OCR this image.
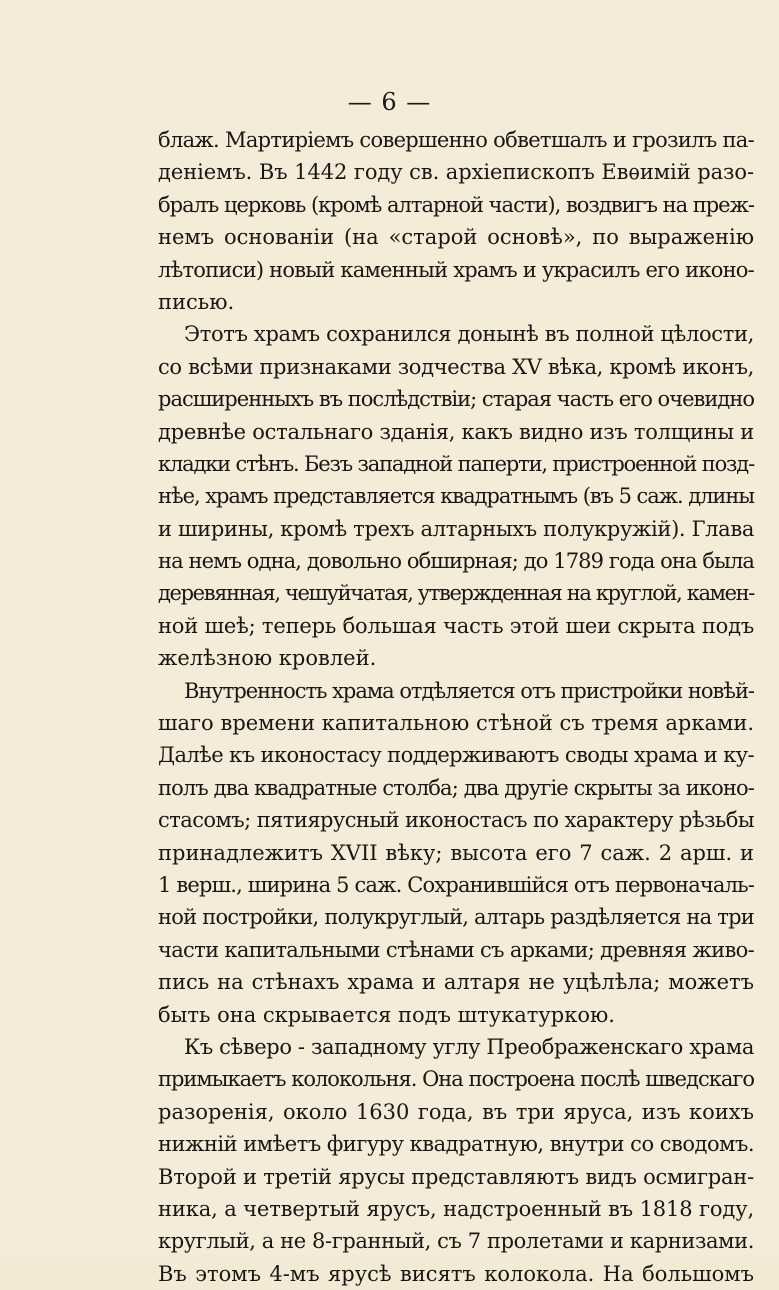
— 6 —
блаж. Мартиріемъ совершенно обветшалъ и грозилъ па-
деніемъ. Въ 1442 году св. архіепископъ Евѳимій разо-
бралъ церковь (кромѣ алтарной части), воздвигъ на преж-
немъ основаніи (на «старой основѣ», по выраженію
лѣтописи) новый каменный храмъ и украсилъ его иконо-
писью.
Этотъ храмъ сохранился донынѣ въ полной цѣлости,
со всѣми признаками зодчества XV вѣка, кромѣ иконъ,
расширенныхъ въ послѣдствіи; старая часть его очевидно
древнѣе остальнаго зданія, какъ видно изъ толщины и
кладки стѣнъ. Безъ западной паперти, пристроенной позд-
нѣе, храмъ представляется квадратнымъ (въ 5 саж. длины
и ширины, кромѣ трехъ алтарныхъ полукружій). Глава
на немъ одна, довольно обширная; до 1789 года она была
деревянная, чешуйчатая, утвержденная на круглой, камен-
ной шеѣ; теперь большая часть этой шеи скрыта подъ
желѣзною кровлей.
Внутренность храма отдѣляется отъ пристройки новѣй-
шаго времени капитальною стѣной съ тремя арками.
Далѣе къ иконостасу поддерживаютъ своды храма и ку-
полъ два квадратные столба; два другіе скрыты за иконо-
стасомъ; пятиярусный иконостасъ по характеру рѣзьбы
принадлежитъ XVII вѣку; высота его 7 саж. 2 арш. и
1 верш., ширина 5 саж. Сохранившійся отъ первоначаль-
ной постройки, полукруглый, алтарь раздѣляется на три
части капитальными стѣнами съ арками; древняя живо-
пись на стѣнахъ храма и алтаря не уцѣлѣла; можетъ
быть она скрывается подъ штукатуркою.
Къ сѣверо - западному углу Преображенскаго храма
примыкаетъ колокольня. Она построена послѣ шведскаго
разоренія, около 1630 года, въ три яруса, изъ коихъ
нижній имѣетъ фигуру квадратную, внутри со сводомъ.
Второй и третій ярусы представляютъ видъ осмигран-
ника, а четвертый ярусъ, надстроенный въ 1818 году,
круглый, а не 8-гранный, съ 7 пролетами и карнизами.
Въ этомъ 4-мъ ярусѣ висятъ колокола. На большомъ
